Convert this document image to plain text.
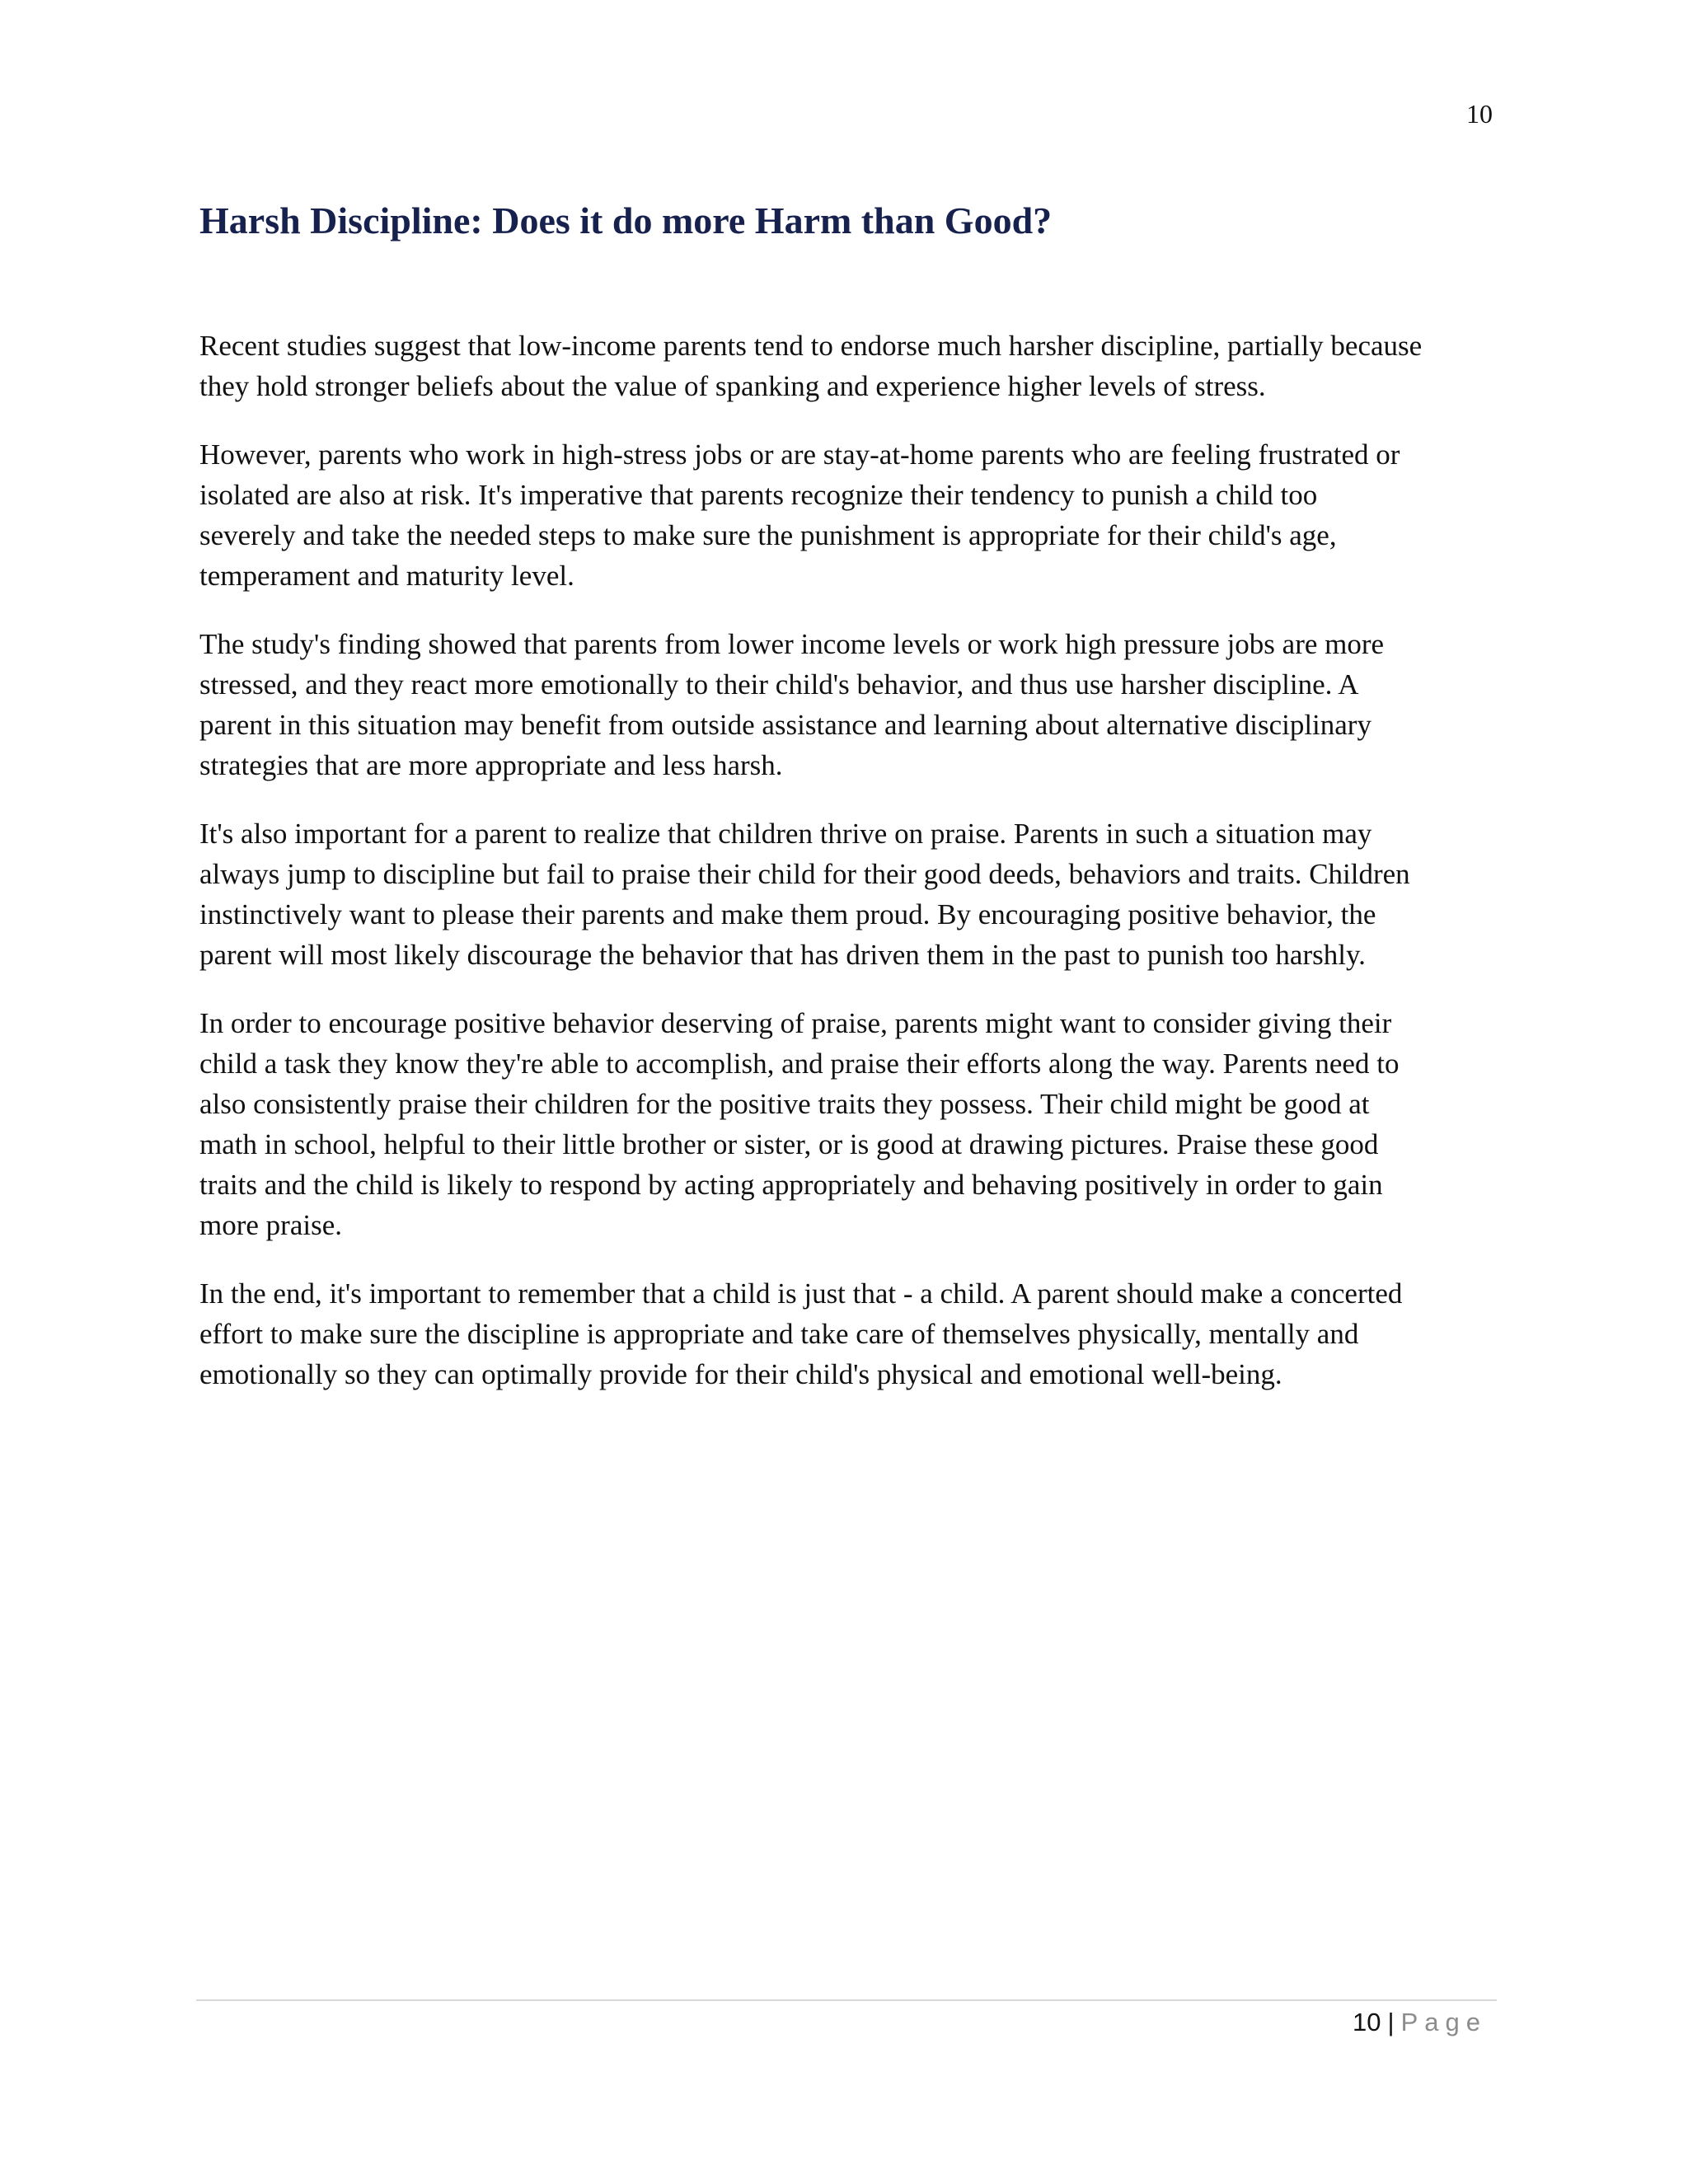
10
Harsh Discipline: Does it do more Harm than Good?

Recent studies suggest that low-income parents tend to endorse much harsher discipline, partially because
they hold stronger beliefs about the value of spanking and experience higher levels of stress.

However, parents who work in high-stress jobs or are stay-at-home parents who are feeling frustrated or
isolated are also at risk. It's imperative that parents recognize their tendency to punish a child too
severely and take the needed steps to make sure the punishment is appropriate for their child's age,
temperament and maturity level.

The study's finding showed that parents from lower income levels or work high pressure jobs are more
stressed, and they react more emotionally to their child's behavior, and thus use harsher discipline. A
parent in this situation may benefit from outside assistance and learning about alternative disciplinary
strategies that are more appropriate and less harsh.

It's also important for a parent to realize that children thrive on praise. Parents in such a situation may
always jump to discipline but fail to praise their child for their good deeds, behaviors and traits. Children
instinctively want to please their parents and make them proud. By encouraging positive behavior, the
parent will most likely discourage the behavior that has driven them in the past to punish too harshly.

In order to encourage positive behavior deserving of praise, parents might want to consider giving their
child a task they know they're able to accomplish, and praise their efforts along the way. Parents need to
also consistently praise their children for the positive traits they possess. Their child might be good at
math in school, helpful to their little brother or sister, or is good at drawing pictures. Praise these good
traits and the child is likely to respond by acting appropriately and behaving positively in order to gain
more praise.

In the end, it's important to remember that a child is just that - a child. A parent should make a concerted
effort to make sure the discipline is appropriate and take care of themselves physically, mentally and
emotionally so they can optimally provide for their child's physical and emotional well-being.

10 | Page
